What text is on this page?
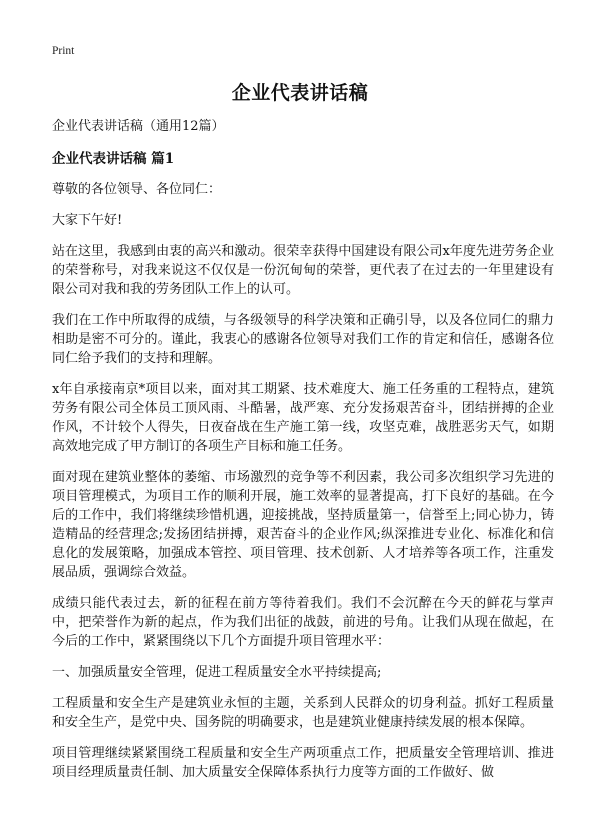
Print
企业代表讲话稿
企业代表讲话稿（通用12篇）
企业代表讲话稿 篇1

尊敬的各位领导、各位同仁：

大家下午好!

站在这里，我感到由衷的高兴和激动。很荣幸获得中国建设有限公司x年度先进劳务企业的荣誉称号，对我来说这不仅仅是一份沉甸甸的荣誉，更代表了在过去的一年里建设有限公司对我和我的劳务团队工作上的认可。

我们在工作中所取得的成绩，与各级领导的科学决策和正确引导，以及各位同仁的鼎力相助是密不可分的。谨此，我衷心的感谢各位领导对我们工作的肯定和信任，感谢各位同仁给予我们的支持和理解。

x年自承接南京*项目以来，面对其工期紧、技术难度大、施工任务重的工程特点，建筑劳务有限公司全体员工顶风雨、斗酷暑，战严寒、充分发扬艰苦奋斗，团结拼搏的企业作风，不计较个人得失，日夜奋战在生产施工第一线，攻坚克难，战胜恶劣天气，如期高效地完成了甲方制订的各项生产目标和施工任务。

面对现在建筑业整体的萎缩、市场激烈的竞争等不利因素，我公司多次组织学习先进的项目管理模式，为项目工作的顺利开展，施工效率的显著提高，打下良好的基础。在今后的工作中，我们将继续珍惜机遇，迎接挑战，坚持质量第一，信誉至上;同心协力，铸造精品的经营理念;发扬团结拼搏，艰苦奋斗的企业作风;纵深推进专业化、标准化和信息化的发展策略，加强成本管控、项目管理、技术创新、人才培养等各项工作，注重发展品质，强调综合效益。

成绩只能代表过去，新的征程在前方等待着我们。我们不会沉醉在今天的鲜花与掌声中，把荣誉作为新的起点，作为我们出征的战鼓，前进的号角。让我们从现在做起，在今后的工作中，紧紧围绕以下几个方面提升项目管理水平：

一、加强质量安全管理，促进工程质量安全水平持续提高;

工程质量和安全生产是建筑业永恒的主题，关系到人民群众的切身利益。抓好工程质量和安全生产，是党中央、国务院的明确要求，也是建筑业健康持续发展的根本保障。

项目管理继续紧紧围绕工程质量和安全生产两项重点工作，把质量安全管理培训、推进项目经理质量责任制、加大质量安全保障体系执行力度等方面的工作做好、做
